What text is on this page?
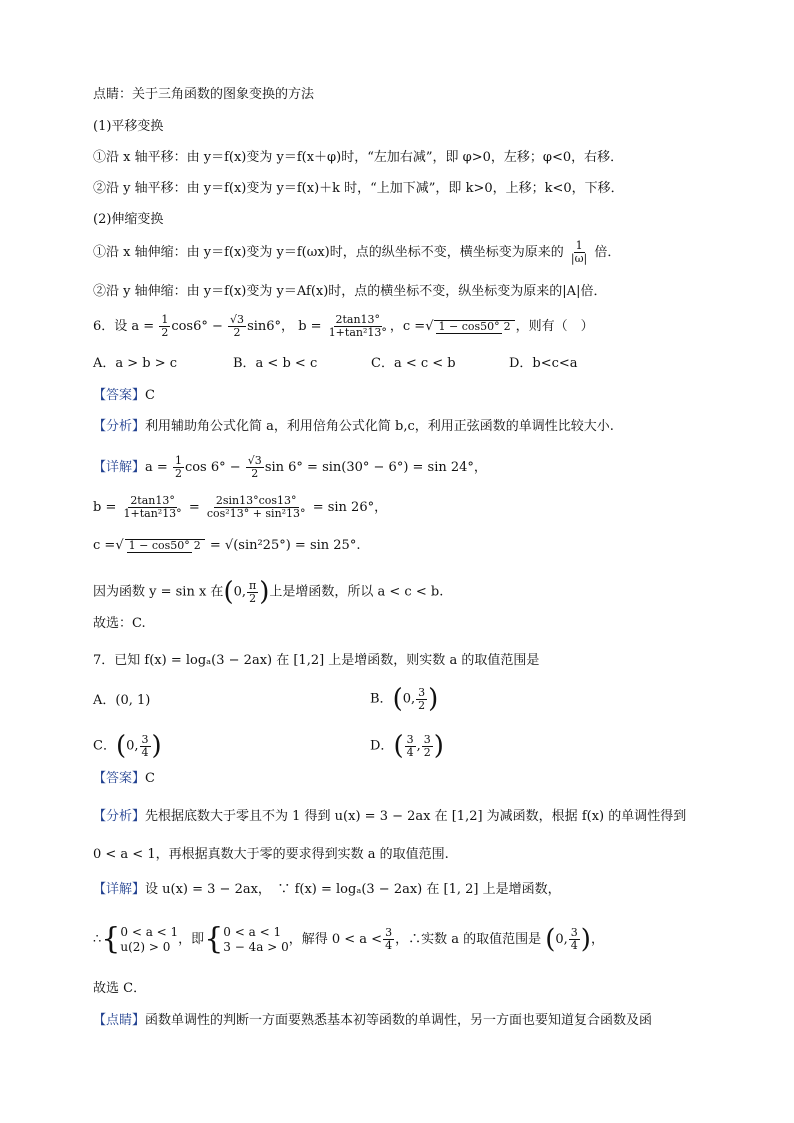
点睛：关于三角函数的图象变换的方法
(1)平移变换
①沿 x 轴平移：由 y＝f(x)变为 y＝f(x＋φ)时，“左加右减”，即 φ>0，左移；φ<0，右移．
②沿 y 轴平移：由 y＝f(x)变为 y＝f(x)＋k 时，“上加下减”，即 k>0，上移；k<0，下移．
(2)伸缩变换
①沿 x 轴伸缩：由 y＝f(x)变为 y＝f(ωx)时，点的纵坐标不变，横坐标变为原来的 $\frac{1}{|\omega|}$ 倍．
②沿 y 轴伸缩：由 y＝f(x)变为 y＝Af(x)时，点的横坐标不变，纵坐标变为原来的|A|倍．
6．设 $a = \frac{1}{2} \cos 6^\circ - \frac{√3}{2} \sin 6^\circ$， $b = \frac{2\tan 13^\circ}{\text{1+tan²13°}}$ ，c =√ 1 − cos50° 2 ，则有（　）
A．a > b > c	B．a < b < c	C．a < c < b	D．b<c<a
【答案】C
【分析】利用辅助角公式化简 a，利用倍角公式化简 b,c，利用正弦函数的单调性比较大小.
【详解】$a = \frac{1}{2}$ $\cos 6^\circ - \frac{√3}{2}$ sin 6° = sin(30° − 6°) = sin 24°，
$b = \frac{2\tan 13^\circ}{\text{1+tan²13°}} = \frac{2\sin 13^\circ\cos 13^\circ}{\text{cos²13° + sin²13°}} = \sin 26^\circ$，
c =√ 1 − cos50° 2 = √(sin²25°) = sin 25°.
因为函数 y = sin x 在(0, $\frac{\pi}{2}$ )上是增函数，所以 a < c < b.
故选：C.
7．已知 f(x) = logₐ(3 − 2ax) 在 [1,2] 上是增函数，则实数 a 的取值范围是
A．(0, 1)	B．(0, $\frac{3}{2}$ )
C．(0, $\frac{3}{4}$ )	D．( $\frac{3}{4}$ , $\frac{3}{2}$ )
【答案】C
【分析】先根据底数大于零且不为 1 得到 u(x) = 3 − 2ax 在 [1,2] 为减函数，根据 f(x) 的单调性得到
0 < a < 1，再根据真数大于零的要求得到实数 a 的取值范围.
【详解】设 u(x) = 3 − 2ax，　∵ f(x) = logₐ(3 − 2ax) 在 [1, 2] 上是增函数，
∴{ 0 < a < 1
u(2) > 0 ，即{ 0 < a < 1
3 − 4a > 0 ，解得 $0 < a < \frac{3}{4}$ ，∴实数 a 的取值范围是 (0, $\frac{3}{4}$ )，
故选 C．
【点睛】函数单调性的判断一方面要熟悉基本初等函数的单调性，另一方面也要知道复合函数及函
